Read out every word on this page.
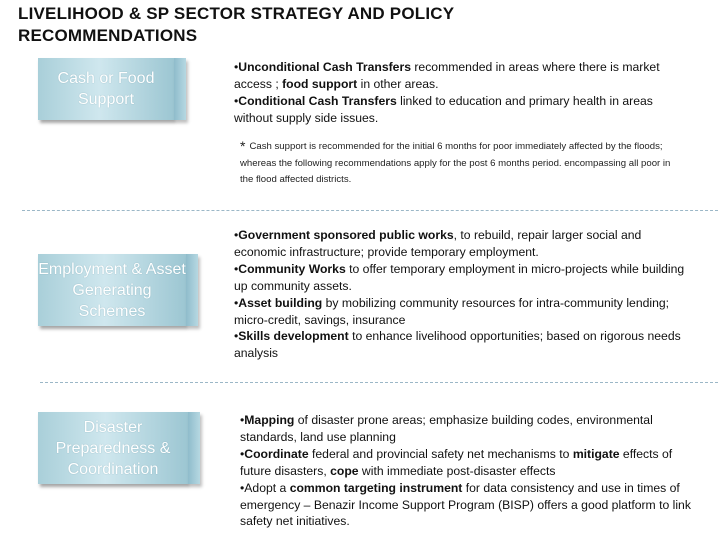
LIVELIHOOD & SP SECTOR STRATEGY AND POLICY RECOMMENDATIONS
Cash or Food Support

•Unconditional Cash Transfers recommended in areas where there is market access ; food support in other areas.

•Conditional Cash Transfers linked to education and primary health in areas without supply side issues.

* Cash support is recommended for the initial 6 months for poor immediately affected by the floods; whereas the following recommendations apply for the post 6 months period. encompassing all poor in the flood affected districts.
Employment & Asset Generating Schemes

•Government sponsored public works, to rebuild, repair larger social and economic infrastructure; provide temporary employment.

•Community Works to offer temporary employment in micro-projects while building up community assets.

•Asset building by mobilizing community resources for intra-community lending; micro-credit, savings, insurance

•Skills development to enhance livelihood opportunities; based on rigorous needs analysis

Disaster Preparedness & Coordination

•Mapping of disaster prone areas; emphasize building codes, environmental standards, land use planning

•Coordinate federal and provincial safety net mechanisms to mitigate effects of future disasters, cope with immediate post-disaster effects

•Adopt a common targeting instrument for data consistency and use in times of emergency – Benazir Income Support Program (BISP) offers a good platform to link safety net initiatives.
